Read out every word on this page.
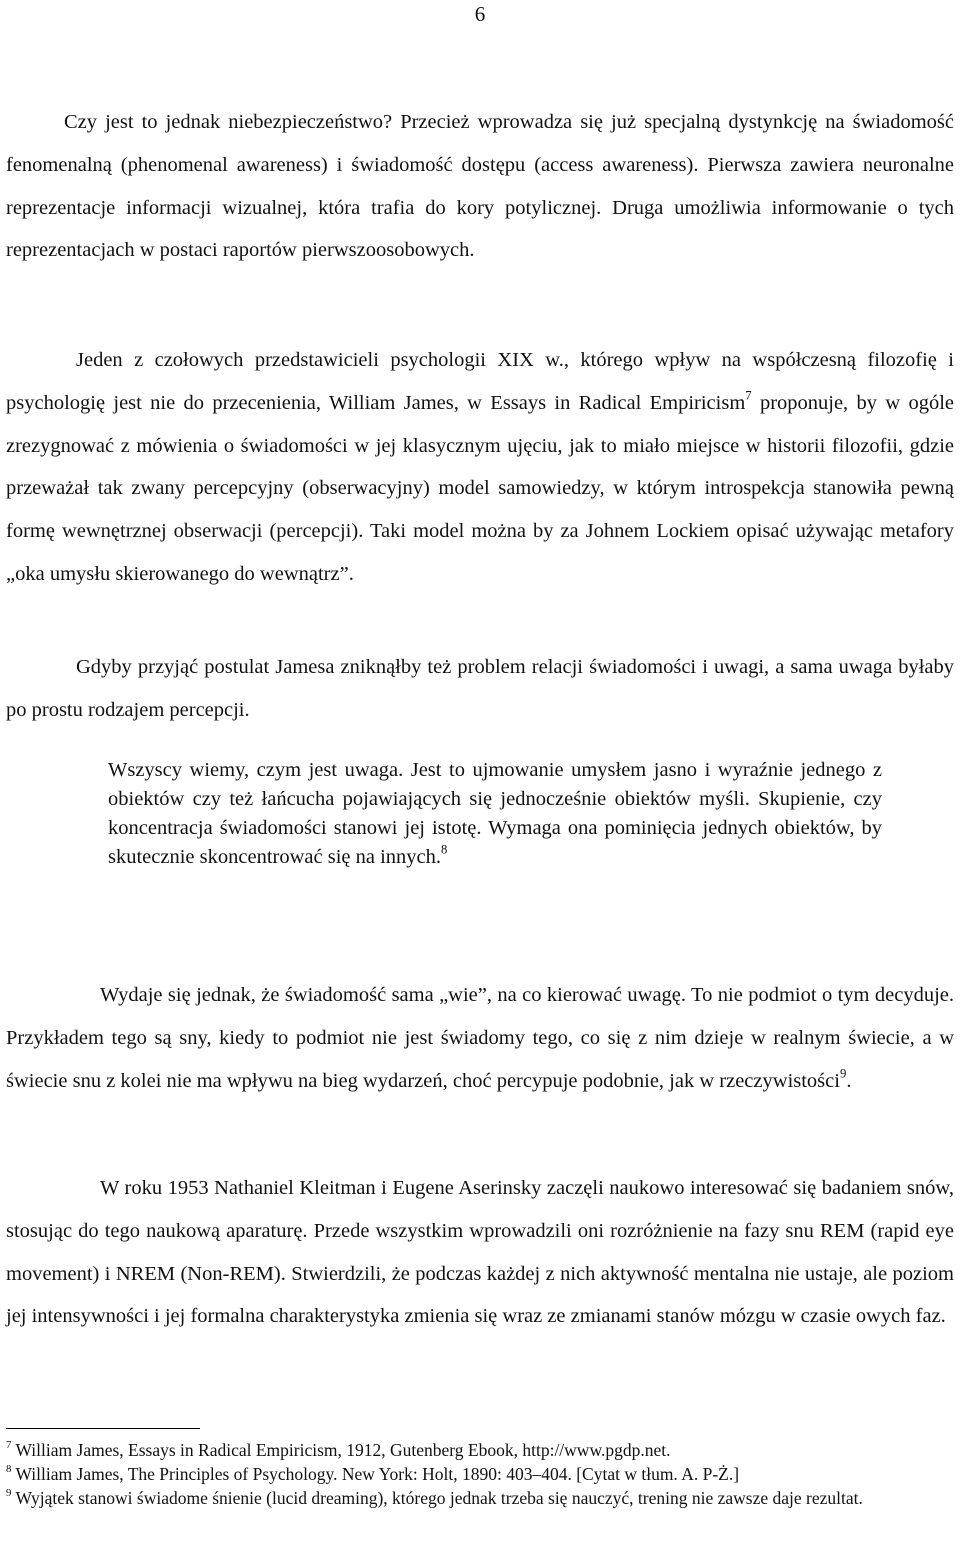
6

Czy jest to jednak niebezpieczeństwo? Przecież wprowadza się już specjalną dystynkcję na świadomość fenomenalną (phenomenal awareness) i świadomość dostępu (access awareness). Pierwsza zawiera neuronalne reprezentacje informacji wizualnej, która trafia do kory potylicznej. Druga umożliwia informowanie o tych reprezentacjach w postaci raportów pierwszoosobowych.

Jeden z czołowych przedstawicieli psychologii XIX w., którego wpływ na współczesną filozofię i psychologię jest nie do przecenienia, William James, w Essays in Radical Empiricism$^7$ proponuje, by w ogóle zrezygnować z mówienia o świadomości w jej klasycznym ujęciu, jak to miało miejsce w historii filozofii, gdzie przeważał tak zwany percepcyjny (obserwacyjny) model samowiedzy, w którym introspekcja stanowiła pewną formę wewnętrznej obserwacji (percepcji). Taki model można by za Johnem Lockiem opisać używając metafory „oka umysłu skierowanego do wewnątrz”.

Gdyby przyjąć postulat Jamesa zniknąłby też problem relacji świadomości i uwagi, a sama uwaga byłaby po prostu rodzajem percepcji.

Wszyscy wiemy, czym jest uwaga. Jest to ujmowanie umysłem jasno i wyraźnie jednego z obiektów czy też łańcucha pojawiających się jednocześnie obiektów myśli. Skupienie, czy koncentracja świadomości stanowi jej istotę. Wymaga ona pominięcia jednych obiektów, by skutecznie skoncentrować się na innych.$^8$

Wydaje się jednak, że świadomość sama „wie”, na co kierować uwagę. To nie podmiot o tym decyduje. Przykładem tego są sny, kiedy to podmiot nie jest świadomy tego, co się z nim dzieje w realnym świecie, a w świecie snu z kolei nie ma wpływu na bieg wydarzeń, choć percypuje podobnie, jak w rzeczywistości$^9$.

W roku 1953 Nathaniel Kleitman i Eugene Aserinsky zaczęli naukowo interesować się badaniem snów, stosując do tego naukową aparaturę. Przede wszystkim wprowadzili oni rozróżnienie na fazy snu REM (rapid eye movement) i NREM (Non-REM). Stwierdzili, że podczas każdej z nich aktywność mentalna nie ustaje, ale poziom jej intensywności i jej formalna charakterystyka zmienia się wraz ze zmianami stanów mózgu w czasie owych faz.

$^7$ William James, Essays in Radical Empiricism, 1912, Gutenberg Ebook, http://www.pgdp.net.
$^8$ William James, The Principles of Psychology. New York: Holt, 1890: 403–404. [Cytat w tłum. A. P-Ż.]
$^9$ Wyjątek stanowi świadome śnienie (lucid dreaming), którego jednak trzeba się nauczyć, trening nie zawsze daje rezultat.
